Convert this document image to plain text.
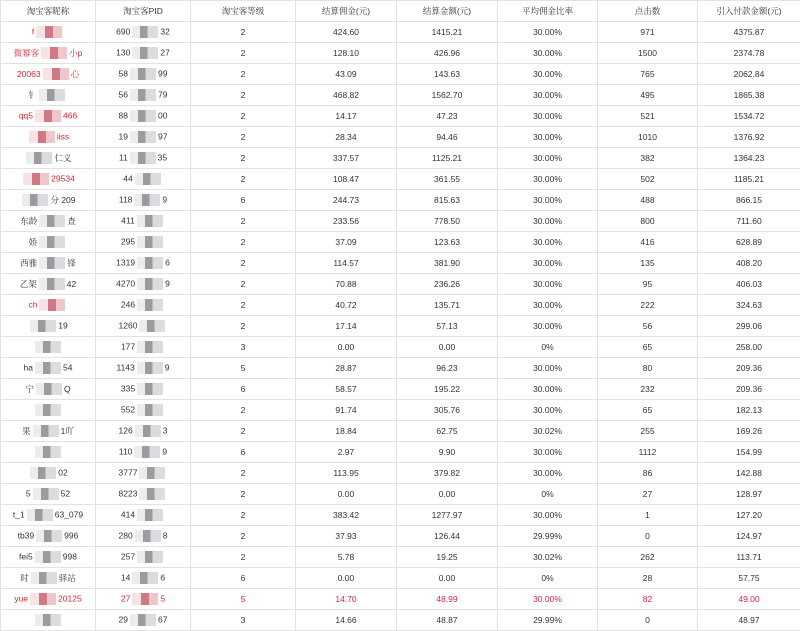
淘宝客昵称	淘宝客PID	淘宝客等级	结算佣金(元)	结算金额(元)	平均佣金比率	点击数	引入付款金额(元)
f	690 32	2	424.60	1415.21	30.00%	971	4375.87
微幂客 小p	130 27	2	128.10	426.96	30.00%	1500	2374.78
20063 心	58 99	2	43.09	143.63	30.00%	765	2062.84
钅	56 79	2	468.82	1562.70	30.00%	495	1865.38
qq5 466	88 00	2	14.17	47.23	30.00%	521	1534.72
iiss	19 97	2	28.34	94.46	30.00%	1010	1376.92
仁义	11 35	2	337.57	1125.21	30.00%	382	1364.23
29534	44	2	108.47	361.55	30.00%	502	1185.21
分 209	118 9	6	244.73	815.63	30.00%	488	866.15
东龄 查	411	2	233.56	778.50	30.00%	800	711.60
娇	295	2	37.09	123.63	30.00%	416	628.89
西雅 锋	1319 6	2	114.57	381.90	30.00%	135	408.20
乙架 42	4270 9	2	70.88	236.26	30.00%	95	406.03
ch	246	2	40.72	135.71	30.00%	222	324.63
19	1260	2	17.14	57.13	30.00%	56	299.06
	177	3	0.00	0.00	0%	65	258.00
ha 54	1143 9	5	28.87	96.23	30.00%	80	209.36
宁 Q	335	6	58.57	195.22	30.00%	232	209.36
	552	2	91.74	305.76	30.00%	65	182.13
果 1吖	126 3	2	18.84	62.75	30.02%	255	169.26
	110 9	6	2.97	9.90	30.00%	1112	154.99
02	3777	2	113.95	379.82	30.00%	86	142.88
5 52	8223	2	0.00	0.00	0%	27	128.97
t_1 63_079	414	2	383.42	1277.97	30.00%	1	127.20
tb39 996	280 8	2	37.93	126.44	29.99%	0	124.97
fei5 998	257	2	5.78	19.25	30.02%	262	113.71
时 驿站	14 6	6	0.00	0.00	0%	28	57.75
yue 20125	27 5	5	14.70	48.99	30.00%	82	49.00
	29 67	3	14.66	48.87	29.99%	0	48.97
